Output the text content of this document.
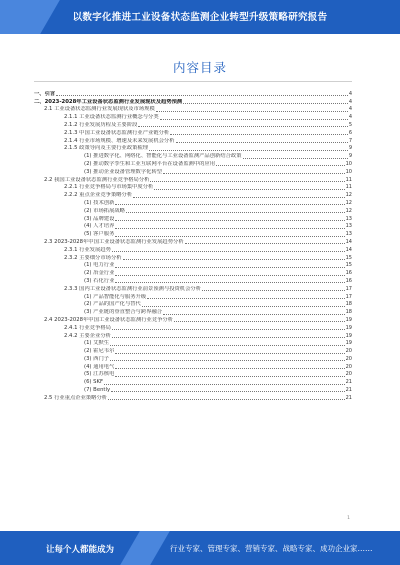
以数字化推进工业设备状态监测企业转型升级策略研究报告
内容目录
一、引言	4
二、2023-2028年工业设备状态监测行业发展现状及趋势预测	4
2.1 工业设备状态监测行业发展现状及市场规模	4
2.1.1 工业设备状态监测行业概念与分类	4
2.1.2 行业发展历程及主要阶段	5
2.1.3 中国工业设备状态监测行业产业链分析	6
2.1.4 行业市场规模、增速及未来发展机会分析	7
2.1.5 政策导向及主要行业政策梳理	9
(1) 推进数字化、网络化、智能化与工业设备监测产品创新结合政策	9
(2) 推动数字孪生和工业互联网平台在设备监测中的应用	10
(3) 推动企业设备管理数字化转型	10
2.2 我国工业设备状态监测行业竞争格局分析	11
2.2.1 行业竞争格局与市场集中度分析	11
2.2.2 重点企业竞争策略分析	12
(1) 技术创新	12
(2) 市场拓展战略	12
(3) 品牌建设	13
(4) 人才培养	13
(5) 客户服务	13
2.3 2023-2028年中国工业设备状态监测行业发展趋势分析	14
2.3.1 行业发展趋势	14
2.3.2 主要细分市场分析	15
(1) 电力行业	15
(2) 冶金行业	16
(3) 石化行业	16
2.3.3 国内工业设备状态监测行业前景预测与投资机会分析	17
(1) 产品智能化与服务升级	17
(2) 产品的国产化与替代	18
(3) 产业链的垂直整合与跨界融合	18
2.4 2023-2028年中国工业设备状态监测行业竞争分析	19
2.4.1 行业竞争格局	19
2.4.2 主要企业分析	19
(1) 艾默生	19
(2) 霍尼韦尔	20
(3) 西门子	20
(4) 通用电气	20
(5) 江苏核电	20
(6) SKF	21
(7) Bently	21
2.5 行业重点企业策略分析	21
1
让每个人都能成为	行业专家、管理专家、营销专家、战略专家、成功企业家……
